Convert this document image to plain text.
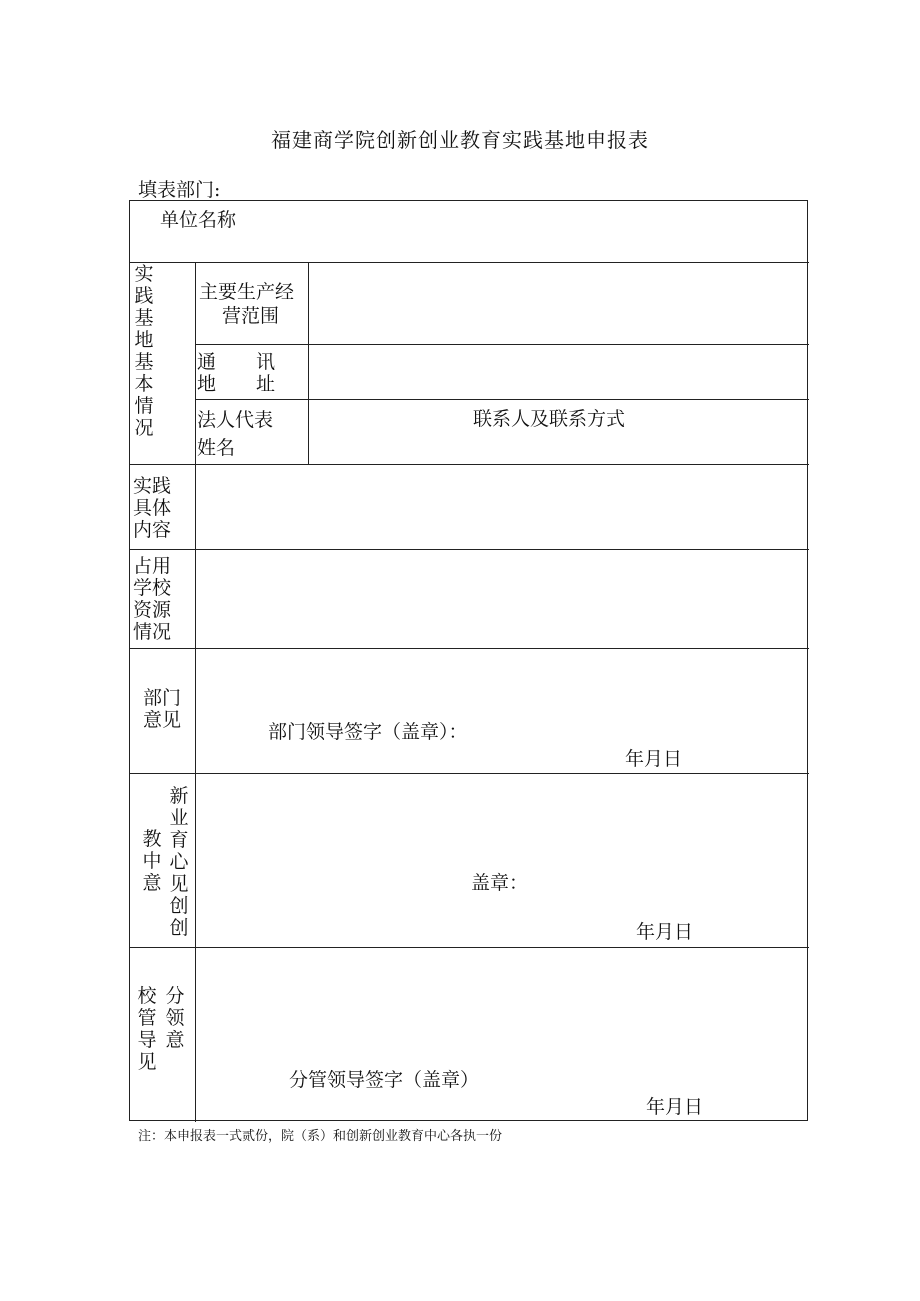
福建商学院创新创业教育实践基地申报表
填表部门:
单位名称
实践基地基本情况
主要生产经
营范围
通 讯
地 址
法人代表
姓名
联系人及联系方式
实践具体内容
占用学校资源情况
部门意见
部门领导签字（盖章）：
年月日
新业育心见创创
教中意	盖章：
年月日
分领意
校管导见
分管领导签字（盖章）
年月日
注：本申报表一式贰份，院（系）和创新创业教育中心各执一份
